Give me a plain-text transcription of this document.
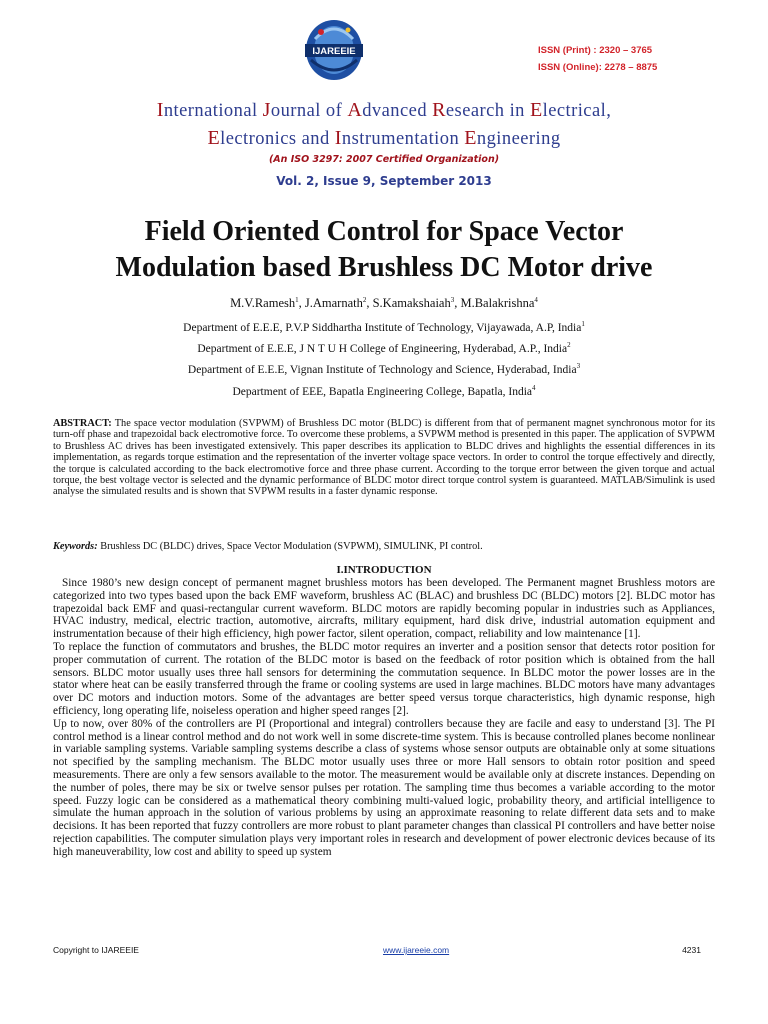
IJAREEIE	ISSN (Print) : 2320 – 3765
ISSN (Online): 2278 – 8875
International Journal of Advanced Research in Electrical,
Electronics and Instrumentation Engineering
(An ISO 3297: 2007 Certified Organization)
Vol. 2, Issue 9, September 2013
Field Oriented Control for Space Vector
Modulation based Brushless DC Motor drive
M.V.Ramesh$^1$, J.Amarnath$^2$, S.Kamakshaiah$^3$, M.Balakrishna$^4$
Department of E.E.E, P.V.P Siddhartha Institute of Technology, Vijayawada, A.P, India$^1$
Department of E.E.E, J N T U H College of Engineering, Hyderabad, A.P., India$^2$
Department of E.E.E, Vignan Institute of Technology and Science, Hyderabad, India$^3$
Department of EEE, Bapatla Engineering College, Bapatla, India$^4$
ABSTRACT: The space vector modulation (SVPWM) of Brushless DC motor (BLDC) is different from that of permanent magnet synchronous motor for its turn-off phase and trapezoidal back electromotive force. To overcome these problems, a SVPWM method is presented in this paper. The application of SVPWM to Brushless AC drives has been investigated extensively. This paper describes its application to BLDC drives and highlights the essential differences in its implementation, as regards torque estimation and the representation of the inverter voltage space vectors. In order to control the torque effectively and directly, the torque is calculated according to the back electromotive force and three phase current. According to the torque error between the given torque and actual torque, the best voltage vector is selected and the dynamic performance of BLDC motor direct torque control system is guaranteed. MATLAB/Simulink is used analyse the simulated results and is shown that SVPWM results in a faster dynamic response.
Keywords: Brushless DC (BLDC) drives, Space Vector Modulation (SVPWM), SIMULINK, PI control.
I.INTRODUCTION

Since 1980’s new design concept of permanent magnet brushless motors has been developed. The Permanent magnet Brushless motors are categorized into two types based upon the back EMF waveform, brushless AC (BLAC) and brushless DC (BLDC) motors [2]. BLDC motor has trapezoidal back EMF and quasi-rectangular current waveform. BLDC motors are rapidly becoming popular in industries such as Appliances, HVAC industry, medical, electric traction, automotive, aircrafts, military equipment, hard disk drive, industrial automation equipment and instrumentation because of their high efficiency, high power factor, silent operation, compact, reliability and low maintenance [1].

To replace the function of commutators and brushes, the BLDC motor requires an inverter and a position sensor that detects rotor position for proper commutation of current. The rotation of the BLDC motor is based on the feedback of rotor position which is obtained from the hall sensors. BLDC motor usually uses three hall sensors for determining the commutation sequence. In BLDC motor the power losses are in the stator where heat can be easily transferred through the frame or cooling systems are used in large machines. BLDC motors have many advantages over DC motors and induction motors. Some of the advantages are better speed versus torque characteristics, high dynamic response, high efficiency, long operating life, noiseless operation and higher speed ranges [2].

Up to now, over 80% of the controllers are PI (Proportional and integral) controllers because they are facile and easy to understand [3]. The PI control method is a linear control method and do not work well in some discrete-time system. This is because controlled planes become nonlinear in variable sampling systems. Variable sampling systems describe a class of systems whose sensor outputs are obtainable only at some situations not specified by the sampling mechanism. The BLDC motor usually uses three or more Hall sensors to obtain rotor position and speed measurements. There are only a few sensors available to the motor. The measurement would be available only at discrete instances. Depending on the number of poles, there may be six or twelve sensor pulses per rotation. The sampling time thus becomes a variable according to the motor speed. Fuzzy logic can be considered as a mathematical theory combining multi-valued logic, probability theory, and artificial intelligence to simulate the human approach in the solution of various problems by using an approximate reasoning to relate different data sets and to make decisions. It has been reported that fuzzy controllers are more robust to plant parameter changes than classical PI controllers and have better noise rejection capabilities. The computer simulation plays very important roles in research and development of power electronic devices because of its high maneuverability, low cost and ability to speed up system

Copyright to IJAREEIE	www.ijareeie.com	4231
